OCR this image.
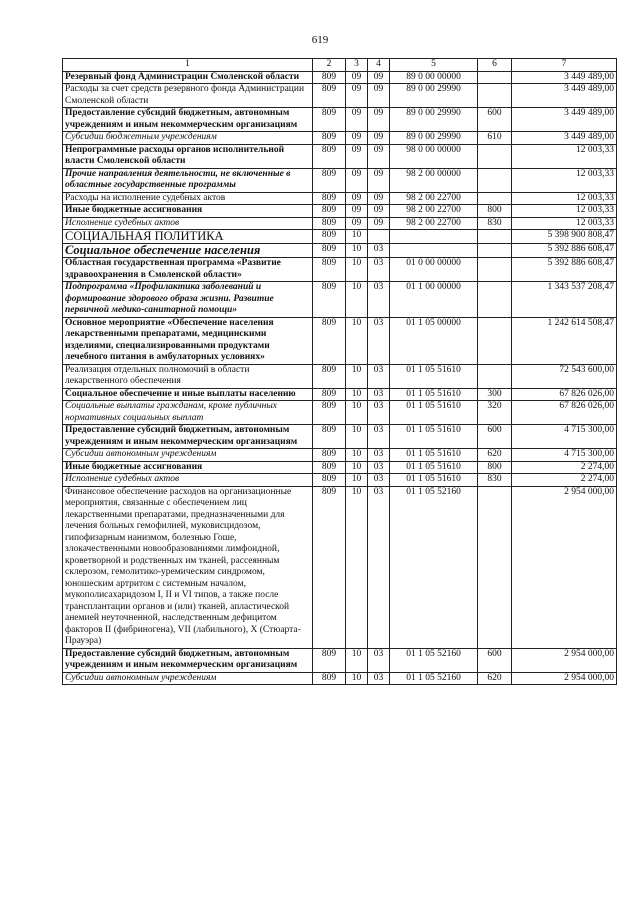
619
1	2	3	4	5	6	7
Резервный фонд Администрации Смоленской области	809	09	09	89 0 00 00000		3 449 489,00
Расходы за счет средств резервного фонда Администрации Смоленской области	809	09	09	89 0 00 29990		3 449 489,00
Предоставление субсидий бюджетным, автономным учреждениям и иным некоммерческим организациям	809	09	09	89 0 00 29990	600	3 449 489,00
Субсидии бюджетным учреждениям	809	09	09	89 0 00 29990	610	3 449 489,00
Непрограммные расходы органов исполнительной власти Смоленской области	809	09	09	98 0 00 00000		12 003,33
Прочие направления деятельности, не включенные в областные государственные программы	809	09	09	98 2 00 00000		12 003,33
Расходы на исполнение судебных актов	809	09	09	98 2 00 22700		12 003,33
Иные бюджетные ассигнования	809	09	09	98 2 00 22700	800	12 003,33
Исполнение судебных актов	809	09	09	98 2 00 22700	830	12 003,33
СОЦИАЛЬНАЯ ПОЛИТИКА	809	10				5 398 900 808,47
Социальное обеспечение населения	809	10	03			5 392 886 608,47
Областная государственная программа «Развитие здравоохранения в Смоленской области»	809	10	03	01 0 00 00000		5 392 886 608,47
Подпрограмма «Профилактика заболеваний и формирование здорового образа жизни. Развитие первичной медико-санитарной помощи»	809	10	03	01 1 00 00000		1 343 537 208,47
Основное мероприятие «Обеспечение населения лекарственными препаратами, медицинскими изделиями, специализированными продуктами лечебного питания в амбулаторных условиях»	809	10	03	01 1 05 00000		1 242 614 508,47
Реализация отдельных полномочий в области лекарственного обеспечения	809	10	03	01 1 05 51610		72 543 600,00
Социальное обеспечение и иные выплаты населению	809	10	03	01 1 05 51610	300	67 826 026,00
Социальные выплаты гражданам, кроме публичных нормативных социальных выплат	809	10	03	01 1 05 51610	320	67 826 026,00
Предоставление субсидий бюджетным, автономным учреждениям и иным некоммерческим организациям	809	10	03	01 1 05 51610	600	4 715 300,00
Субсидии автономным учреждениям	809	10	03	01 1 05 51610	620	4 715 300,00
Иные бюджетные ассигнования	809	10	03	01 1 05 51610	800	2 274,00
Исполнение судебных актов	809	10	03	01 1 05 51610	830	2 274,00
Финансовое обеспечение расходов на организационные мероприятия, связанные с обеспечением лиц лекарственными препаратами, предназначенными для лечения больных гемофилией, муковисцидозом, гипофизарным нанизмом, болезнью Гоше, злокачественными новообразованиями лимфоидной, кроветворной и родственных им тканей, рассеянным склерозом, гемолитико-уремическим синдромом, юношеским артритом с системным началом, мукополисахаридозом I, II и VI типов, а также после трансплантации органов и (или) тканей, апластической анемией неуточненной, наследственным дефицитом факторов II (фибриногена), VII (лабильного), X (Стюарта-Прауэра)	809	10	03	01 1 05 52160		2 954 000,00
Предоставление субсидий бюджетным, автономным учреждениям и иным некоммерческим организациям	809	10	03	01 1 05 52160	600	2 954 000,00
Субсидии автономным учреждениям	809	10	03	01 1 05 52160	620	2 954 000,00
